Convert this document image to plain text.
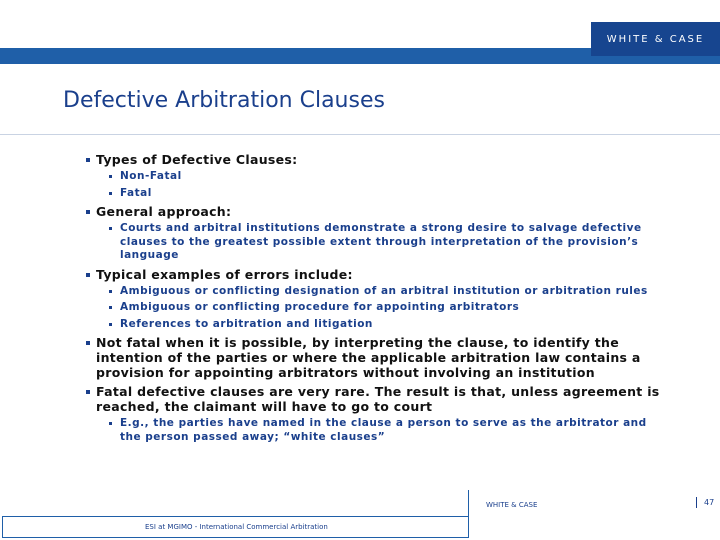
WHITE & CASE
Defective Arbitration Clauses
Types of Defective Clauses:
Non-Fatal
Fatal
General approach:
Courts and arbitral institutions demonstrate a strong desire to salvage defective clauses to the greatest possible extent through interpretation of the provision’s language
Typical examples of errors include:
Ambiguous or conflicting designation of an arbitral institution or arbitration rules
Ambiguous or conflicting procedure for appointing arbitrators
References to arbitration and litigation
Not fatal when it is possible, by interpreting the clause, to identify the intention of the parties or where the applicable arbitration law contains a provision for appointing arbitrators without involving an institution
Fatal defective clauses are very rare. The result is that, unless agreement is reached, the claimant will have to go to court
E.g., the parties have named in the clause a person to serve as the arbitrator and the person passed away; “white clauses”
ESI at MGIMO - International Commercial Arbitration
WHITE & CASE	47
